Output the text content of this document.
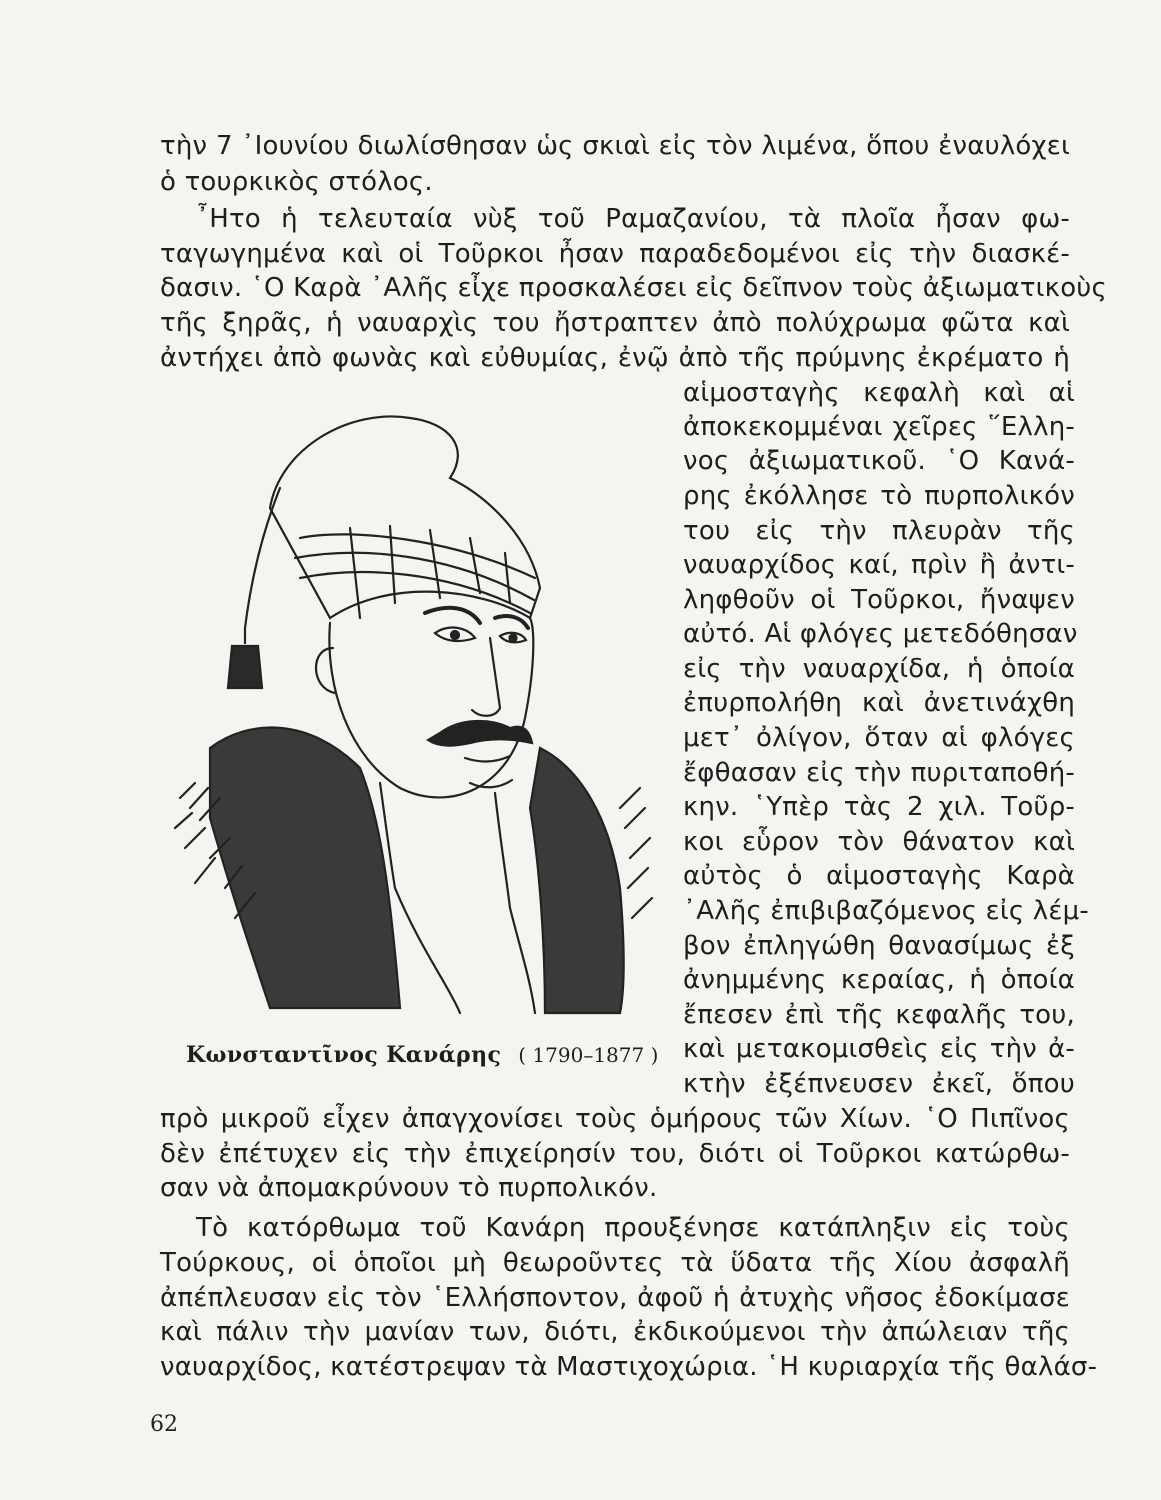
τὴν 7 ᾽Ιουνίου διωλίσθησαν ὡς σκιαὶ εἰς τὸν λιμένα, ὅπου ἐναυλόχει
ὁ τουρκικὸς στόλος.
῏Ητο ἡ τελευταία νὺξ τοῦ Ραμαζανίου, τὰ πλοῖα ἦσαν φω-
ταγωγημένα καὶ οἱ Τοῦρκοι ἦσαν παραδεδομένοι εἰς τὴν διασκέ-
δασιν. ῾Ο Καρὰ ᾽Αλῆς εἶχε προσκαλέσει εἰς δεῖπνον τοὺς ἀξιωματικοὺς
τῆς ξηρᾶς, ἡ ναυαρχὶς του ἤστραπτεν ἀπὸ πολύχρωμα φῶτα καὶ
ἀντήχει ἀπὸ φωνὰς καὶ εὐθυμίας, ἐνῷ ἀπὸ τῆς πρύμνης ἐκρέματο ἡ
αἱμοσταγὴς κεφαλὴ καὶ αἱ
ἀποκεκομμέναι χεῖρες ῞Ελλη-
νος ἀξιωματικοῦ. ῾Ο Κανά-
ρης ἐκόλλησε τὸ πυρπολικόν
του εἰς τὴν πλευρὰν τῆς
ναυαρχίδος καί, πρὶν ἢ ἀντι-
ληφθοῦν οἱ Τοῦρκοι, ἤναψεν
αὐτό. Αἱ φλόγες μετεδόθησαν
εἰς τὴν ναυαρχίδα, ἡ ὁποία
ἐπυρπολήθη καὶ ἀνετινάχθη
μετ᾽ ὀλίγον, ὅταν αἱ φλόγες
ἔφθασαν εἰς τὴν πυριταποθή-
κην. ῾Υπὲρ τὰς 2 χιλ. Τοῦρ-
κοι εὗρον τὸν θάνατον καὶ
αὐτὸς ὁ αἱμοσταγὴς Καρὰ
᾽Αλῆς ἐπιβιβαζόμενος εἰς λέμ-
βον ἐπληγώθη θανασίμως ἐξ
ἀνημμένης κεραίας, ἡ ὁποία
ἔπεσεν ἐπὶ τῆς κεφαλῆς του,
καὶ μετακομισθεὶς εἰς τὴν ἀ-
κτὴν ἐξέπνευσεν ἐκεῖ, ὅπου
πρὸ μικροῦ εἶχεν ἀπαγχονίσει τοὺς ὁμήρους τῶν Χίων. ῾Ο Πιπῖνος
δὲν ἐπέτυχεν εἰς τὴν ἐπιχείρησίν του, διότι οἱ Τοῦρκοι κατώρθω-
σαν νὰ ἀπομακρύνουν τὸ πυρπολικόν.
Τὸ κατόρθωμα τοῦ Κανάρη προυξένησε κατάπληξιν εἰς τοὺς
Τούρκους, οἱ ὁποῖοι μὴ θεωροῦντες τὰ ὕδατα τῆς Χίου ἀσφαλῆ
ἀπέπλευσαν εἰς τὸν ῾Ελλήσποντον, ἀφοῦ ἡ ἀτυχὴς νῆσος ἐδοκίμασε
καὶ πάλιν τὴν μανίαν των, διότι, ἐκδικούμενοι τὴν ἀπώλειαν τῆς
ναυαρχίδος, κατέστρεψαν τὰ Μαστιχοχώρια. ῾Η κυριαρχία τῆς θαλάσ-
Κωνσταντῖνος Κανάρης ( 1790–1877 )
62
